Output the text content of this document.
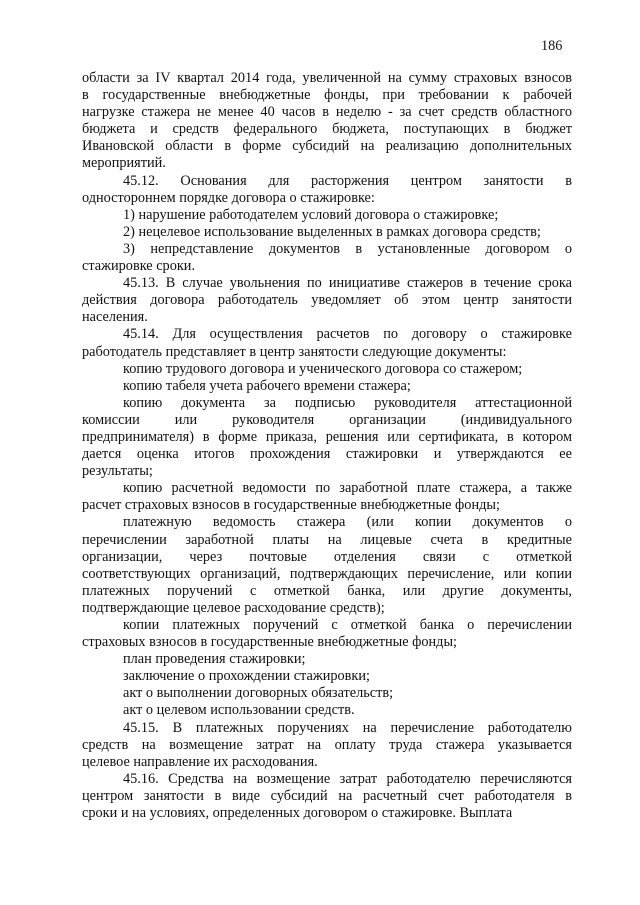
186
области за IV квартал 2014 года, увеличенной на сумму страховых взносов
в государственные внебюджетные фонды, при требовании к рабочей
нагрузке стажера не менее 40 часов в неделю - за счет средств областного
бюджета и средств федерального бюджета, поступающих в бюджет
Ивановской области в форме субсидий на реализацию дополнительных
мероприятий.
45.12. Основания для расторжения центром занятости в
одностороннем порядке договора о стажировке:
1) нарушение работодателем условий договора о стажировке;
2) нецелевое использование выделенных в рамках договора средств;
3) непредставление документов в установленные договором о
стажировке сроки.
45.13. В случае увольнения по инициативе стажеров в течение срока
действия договора работодатель уведомляет об этом центр занятости
населения.
45.14. Для осуществления расчетов по договору о стажировке
работодатель представляет в центр занятости следующие документы:
копию трудового договора и ученического договора со стажером;
копию табеля учета рабочего времени стажера;
копию документа за подписью руководителя аттестационной
комиссии или руководителя организации (индивидуального
предпринимателя) в форме приказа, решения или сертификата, в котором
дается оценка итогов прохождения стажировки и утверждаются ее
результаты;
копию расчетной ведомости по заработной плате стажера, а также
расчет страховых взносов в государственные внебюджетные фонды;
платежную ведомость стажера (или копии документов о
перечислении заработной платы на лицевые счета в кредитные
организации, через почтовые отделения связи с отметкой
соответствующих организаций, подтверждающих перечисление, или копии
платежных поручений с отметкой банка, или другие документы,
подтверждающие целевое расходование средств);
копии платежных поручений с отметкой банка о перечислении
страховых взносов в государственные внебюджетные фонды;
план проведения стажировки;
заключение о прохождении стажировки;
акт о выполнении договорных обязательств;
акт о целевом использовании средств.
45.15. В платежных поручениях на перечисление работодателю
средств на возмещение затрат на оплату труда стажера указывается
целевое направление их расходования.
45.16. Средства на возмещение затрат работодателю перечисляются
центром занятости в виде субсидий на расчетный счет работодателя в
сроки и на условиях, определенных договором о стажировке. Выплата
